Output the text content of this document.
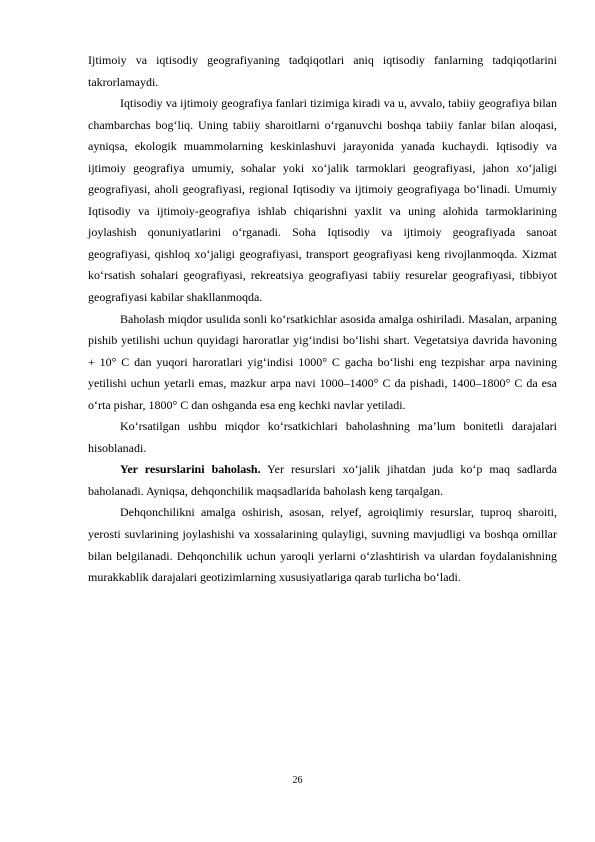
Ijtimoiy va iqtisodiy geografiyaning tadqiqotlari aniq iqtisodiy fanlarning tadqiqotlarini takrorlamaydi.

Iqtisodiy va ijtimoiy geografiya fanlari tizimiga kiradi va u, avvalo, tabiiy geografiya bilan chambarchas bog‘liq. Uning tabiiy sharoitlarni o‘rganuvchi boshqa tabiiy fanlar bilan aloqasi, ayniqsa, ekologik muammolarning keskinlashuvi jarayonida yanada kuchaydi. Iqtisodiy va ijtimoiy geografiya umumiy, sohalar yoki xo‘jalik tarmoklari geografiyasi, jahon xo‘jaligi geografiyasi, aholi geografiyasi, regional Iqtisodiy va ijtimoiy geografiyaga bo‘linadi. Umumiy Iqtisodiy va ijtimoiy-geografiya ishlab chiqarishni yaxlit va uning alohida tarmoklarining joylashish qonuniyatlarini o‘rganadi. Soha Iqtisodiy va ijtimoiy geografiyada sanoat geografiyasi, qishloq xo‘jaligi geografiyasi, transport geografiyasi keng rivojlanmoqda. Xizmat ko‘rsatish sohalari geografiyasi, rekreatsiya geografiyasi tabiiy resurelar geografiyasi, tibbiyot geografiyasi kabilar shakllanmoqda.

Baholash miqdor usulida sonli ko‘rsatkichlar asosida amalga oshiriladi. Masalan, arpaning pishib yetilishi uchun quyidagi haroratlar yig‘indisi bo‘lishi shart. Vegetatsiya davrida havoning + 10° C dan yuqori haroratlari yig‘indisi 1000° C gacha bo‘lishi eng tezpishar arpa navining yetilishi uchun yetarli emas, mazkur arpa navi 1000–1400° C da pishadi, 1400–1800° C da esa o‘rta pishar, 1800° C dan oshganda esa eng kechki navlar yetiladi.

Ko‘rsatilgan ushbu miqdor ko‘rsatkichlari baholashning ma’lum bonitetli darajalari hisoblanadi.

Yer resurslarini baholash. Yer resurslari xo‘jalik jihatdan juda ko‘p maq sadlarda baholanadi. Ayniqsa, dehqonchilik maqsadlarida baholash keng tarqalgan.

Dehqonchilikni amalga oshirish, asosan, relyef, agroiqlimiy resurslar, tuproq sharoiti, yerosti suvlarining joylashishi va xossalarining qulayligi, suvning mavjudligi va boshqa omillar bilan belgilanadi. Dehqonchilik uchun yaroqli yerlarni o‘zlashtirish va ulardan foydalanishning murakkablik darajalari geotizimlarning xususiyatlariga qarab turlicha bo‘ladi.

26
